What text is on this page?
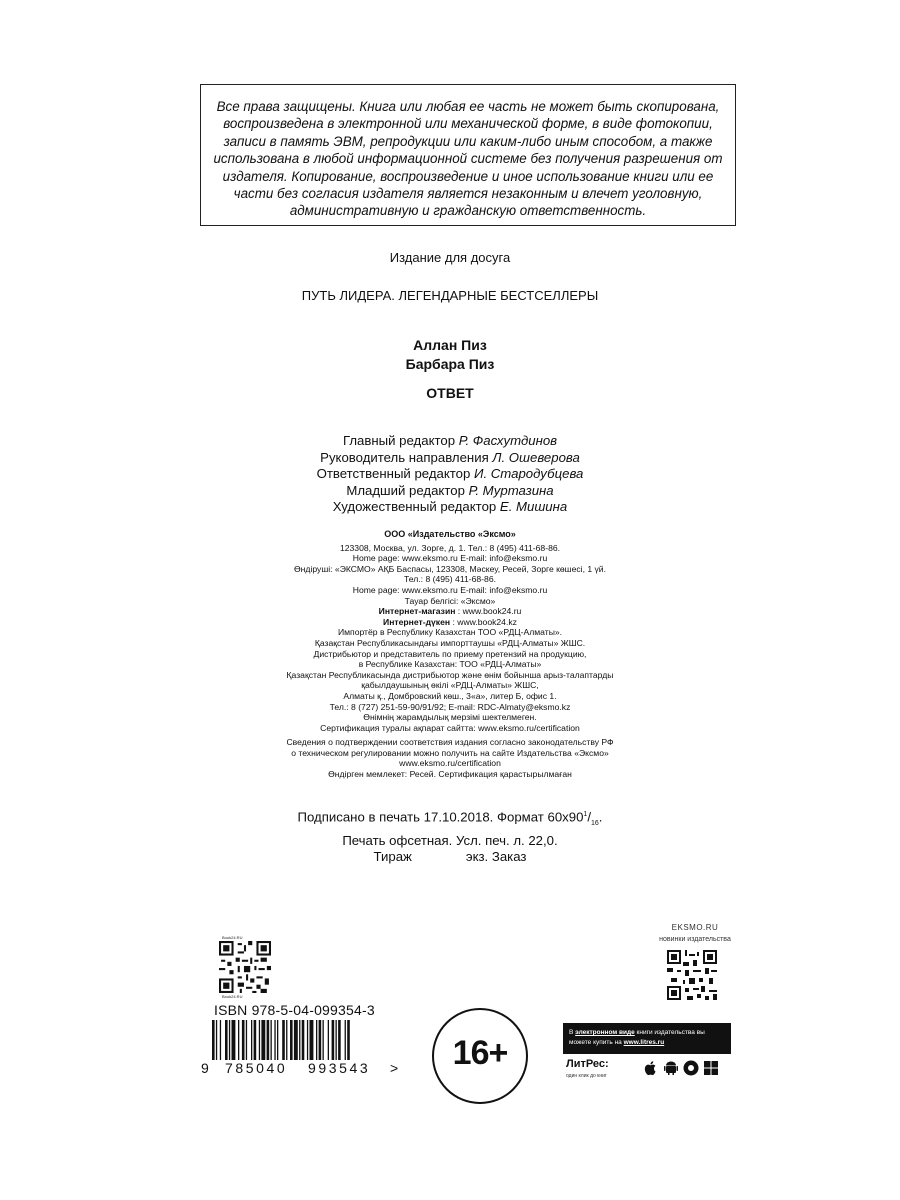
Все права защищены. Книга или любая ее часть не может быть скопирована, воспроизведена в электронной или механической форме, в виде фотокопии, записи в память ЭВМ, репродукции или каким-либо иным способом, а также использована в любой информационной системе без получения разрешения от издателя. Копирование, воспроизведение и иное использование книги или ее части без согласия издателя является незаконным и влечет уголовную, административную и гражданскую ответственность.

Издание для досуга
ПУТЬ ЛИДЕРА. ЛЕГЕНДАРНЫЕ БЕСТСЕЛЛЕРЫ
Аллан Пиз
Барбара Пиз
ОТВЕТ
Главный редактор Р. Фасхутдинов
Руководитель направления Л. Ошеверова
Ответственный редактор И. Стародубцева
Младший редактор Р. Муртазина
Художественный редактор Е. Мишина
ООО «Издательство «Эксмо»
123308, Москва, ул. Зорге, д. 1. Тел.: 8 (495) 411-68-86.
Home page: www.eksmo.ru E-mail: info@eksmo.ru
Өндіруші: «ЭКСМО» АҚБ Баспасы, 123308, Мәскеу, Ресей, Зорге көшесі, 1 үй.
Тел.: 8 (495) 411-68-86.
Home page: www.eksmo.ru E-mail: info@eksmo.ru
Тауар белгісі: «Эксмо»
Интернет-магазин : www.book24.ru
Интернет-дүкен : www.book24.kz
Импортёр в Республику Казахстан ТОО «РДЦ-Алматы».
Қазақстан Республикасындағы импорттаушы «РДЦ-Алматы» ЖШС.
Дистрибьютор и представитель по приему претензий на продукцию,
в Республике Казахстан: ТОО «РДЦ-Алматы»
Қазақстан Республикасында дистрибьютор және өнім бойынша арыз-талаптарды
қабылдаушының өкілі «РДЦ-Алматы» ЖШС,
Алматы қ., Домбровский көш., 3«а», литер Б, офис 1.
Тел.: 8 (727) 251-59-90/91/92; E-mail: RDC-Almaty@eksmo.kz
Өнімнің жарамдылық мерзімі шектелмеген.
Сертификация туралы ақпарат сайтта: www.eksmo.ru/certification
Сведения о подтверждении соответствия издания согласно законодательству РФ
о техническом регулировании можно получить на сайте Издательства «Эксмо»
www.eksmo.ru/certification
Өндірген мемлекет: Ресей. Сертификация қарастырылмаған
Подписано в печать 17.10.2018. Формат $60х90^1/_{16}$.
Печать офсетная. Усл. печ. л. 22,0.
Тираж	экз. Заказ
Book24.RU
Book24.RU
ISBN 978-5-04-099354-3
9 785040 993543 >	16+
EKSMO.RU
новинки издательства
В электронном виде книги издательства вы можете купить на www.litres.ru
ЛитРес:
один клик до книг
